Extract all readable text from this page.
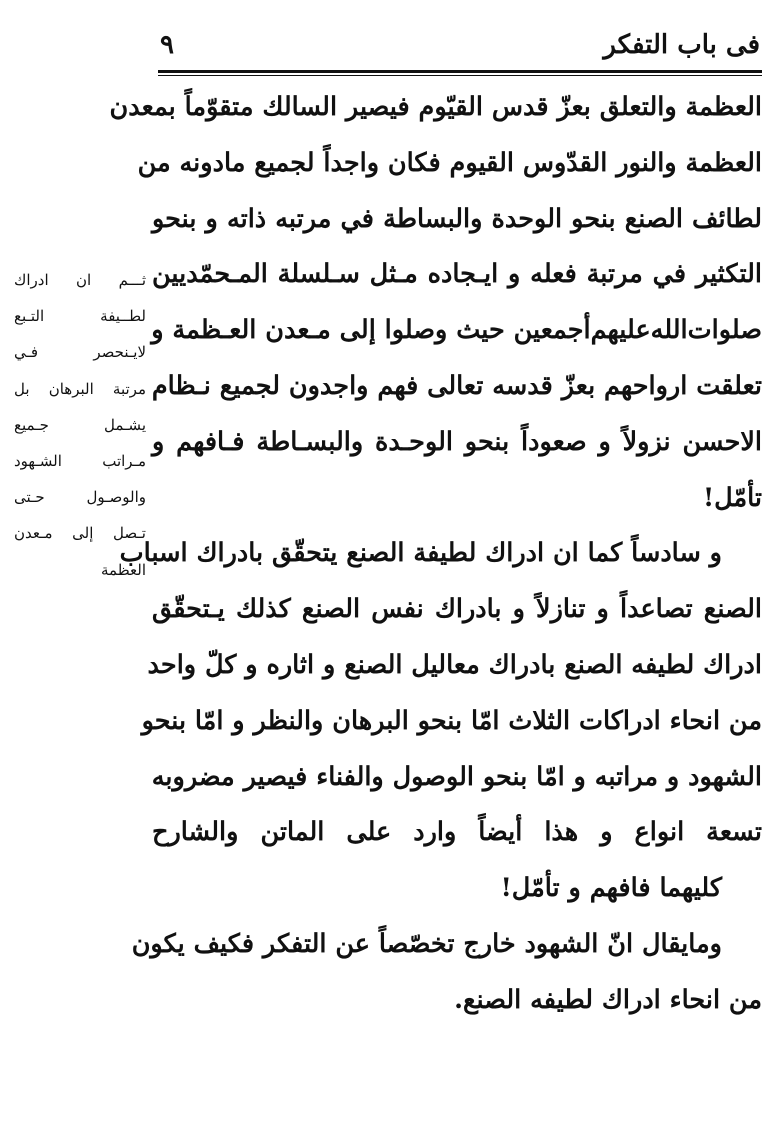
فى باب التفكر
٩
العظمة والتعلق بعزّ قدس القيّوم فيصير السالك متقوّماً بمعدن
العظمة والنور القدّوس القيوم فكان واجداً لجميع مادونه من
لطائف الصنع بنحو الوحدة والبساطة في مرتبه ذاته و بنحو
التكثير في مرتبة فعله و ايـجاده مـثل سـلسلة المـحمّديين
صلوات‌الله‌عليهم‌أجمعين حيث وصلوا إلى مـعدن العـظمة و
تعلقت ارواحهم بعزّ قدسه تعالى فهم واجدون لجميع نـظام
الاحسن نزولاً و صعوداً بنحو الوحـدة والبسـاطة فـافهم و
تأمّل!
و سادساً كما ان ادراك لطيفة الصنع يتحقّق بادراك اسباب
الصنع تصاعداً و تنازلاً و بادراك نفس الصنع كذلك يـتحقّق
ادراك لطيفه الصنع بادراك معاليل الصنع و اثاره و كلّ واحد
من انحاء ادراكات الثلاث امّا بنحو البرهان والنظر و امّا بنحو
الشهود و مراتبه و امّا بنحو الوصول والفناء فيصير مضروبه
تسعة انواع و هذا أيضاً وارد على الماتن والشارح
كليهما فافهم و تأمّل!
ومايقال انّ الشهود خارج تخصّصاً عن التفكر فكيف يكون
من انحاء ادراك لطيفه الصنع.
ثـــم ان ادراك
لطــيفة التـبع
لايـنحصر فـي
مرتبة البرهان بل
يشـمل جـميع
مـراتب الشـهود
والوصـول حـتى
تـصل إلى مـعدن
العظمة
